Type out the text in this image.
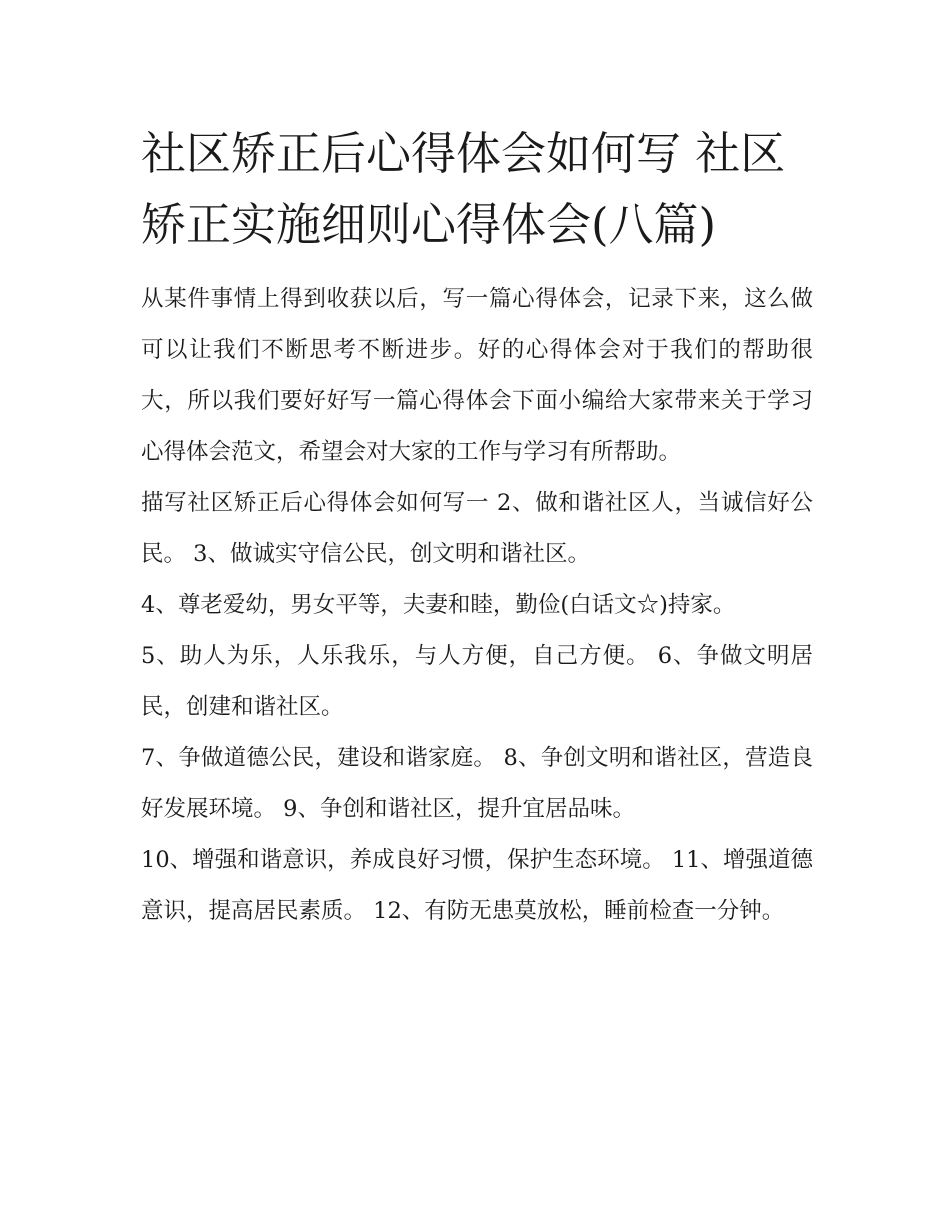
社区矫正后心得体会如何写 社区矫正实施细则心得体会(八篇)

从某件事情上得到收获以后，写一篇心得体会，记录下来，这么做可以让我们不断思考不断进步。好的心得体会对于我们的帮助很大，所以我们要好好写一篇心得体会下面小编给大家带来关于学习心得体会范文，希望会对大家的工作与学习有所帮助。

描写社区矫正后心得体会如何写一 2、做和谐社区人，当诚信好公民。 3、做诚实守信公民，创文明和谐社区。

4、尊老爱幼，男女平等，夫妻和睦，勤俭(白话文☆)持家。

5、助人为乐，人乐我乐，与人方便，自己方便。 6、争做文明居民，创建和谐社区。

7、争做道德公民，建设和谐家庭。 8、争创文明和谐社区，营造良好发展环境。 9、争创和谐社区，提升宜居品味。

10、增强和谐意识，养成良好习惯，保护生态环境。 11、增强道德意识，提高居民素质。 12、有防无患莫放松，睡前检查一分钟。
